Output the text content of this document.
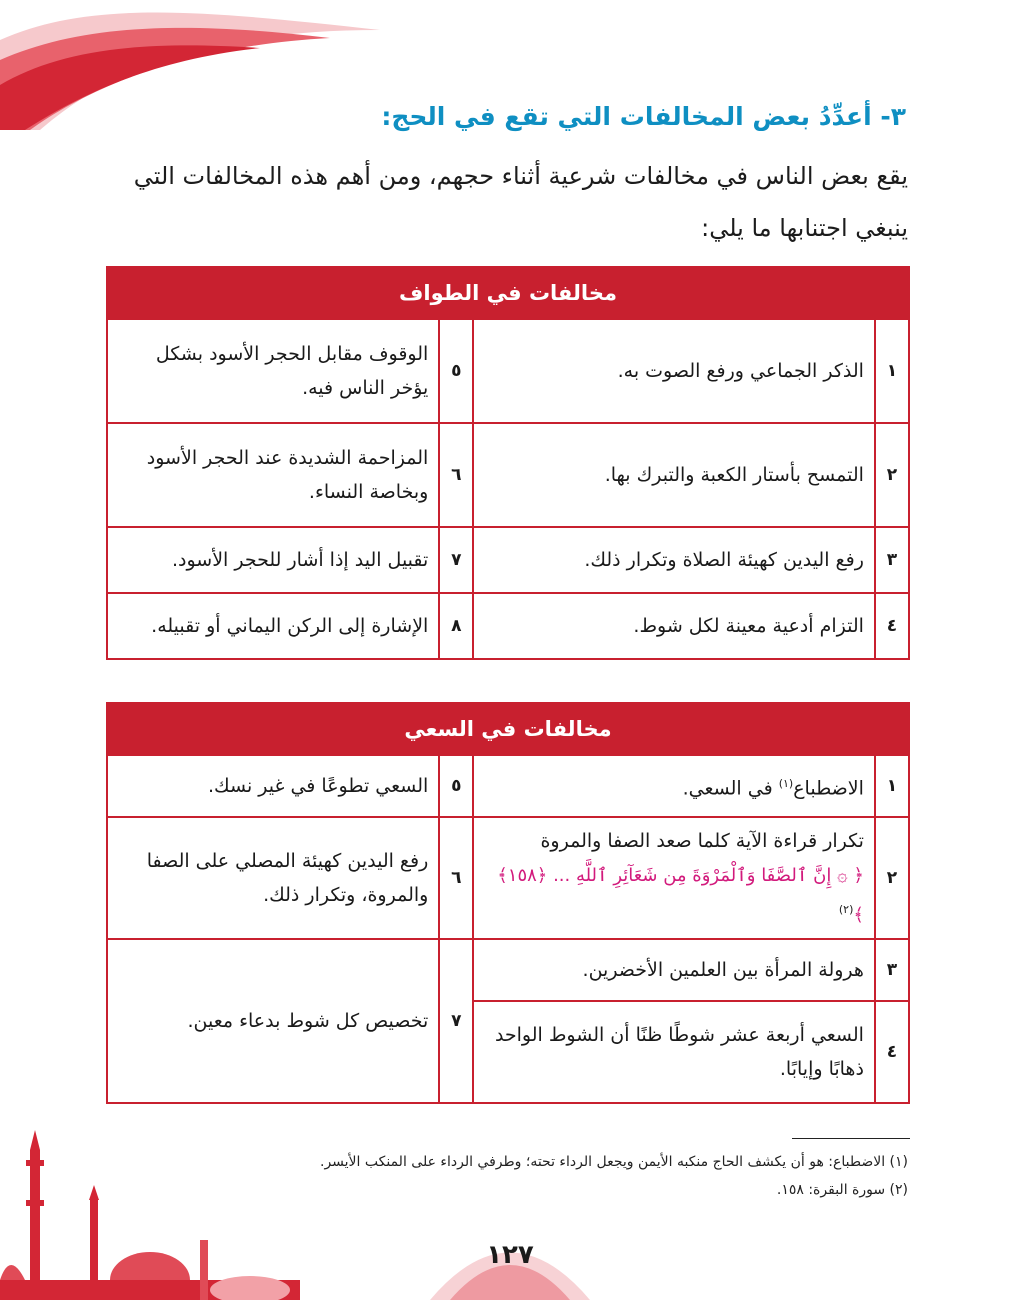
٣- أعدِّدُ بعض المخالفات التي تقع في الحج:
يقع بعض الناس في مخالفات شرعية أثناء حجهم، ومن أهم هذه المخالفات التي ينبغي اجتنابها ما يلي:
مخالفات في الطواف			
١	الذكر الجماعي ورفع الصوت به.	٥	الوقوف مقابل الحجر الأسود بشكل يؤخر الناس فيه.
٢	التمسح بأستار الكعبة والتبرك بها.	٦	المزاحمة الشديدة عند الحجر الأسود وبخاصة النساء.
٣	رفع اليدين كهيئة الصلاة وتكرار ذلك.	٧	تقبيل اليد إذا أشار للحجر الأسود.
٤	التزام أدعية معينة لكل شوط.	٨	الإشارة إلى الركن اليماني أو تقبيله.
مخالفات في السعي			
١	الاضطباع$^{(١)}$ في السعي.	٥	السعي تطوعًا في غير نسك.
٢	تكرار قراءة الآية كلما صعد الصفا والمروة
﴿ ۞ إِنَّ ٱلصَّفَا وَٱلْمَرْوَةَ مِن شَعَآئِرِ ٱللَّهِ ... ﴿١٥٨﴾ ﴾$^{(٢)}$	٦	رفع اليدين كهيئة المصلي على الصفا والمروة، وتكرار ذلك.
٣	هرولة المرأة بين العلمين الأخضرين.	٧	تخصيص كل شوط بدعاء معين.
٤	السعي أربعة عشر شوطًا ظنًا أن الشوط الواحد ذهابًا وإيابًا.		
(١) الاضطباع: هو أن يكشف الحاج منكبه الأيمن ويجعل الرداء تحته؛ وطرفي الرداء على المنكب الأيسر.
(٢) سورة البقرة: ١٥٨.
١٢٧
